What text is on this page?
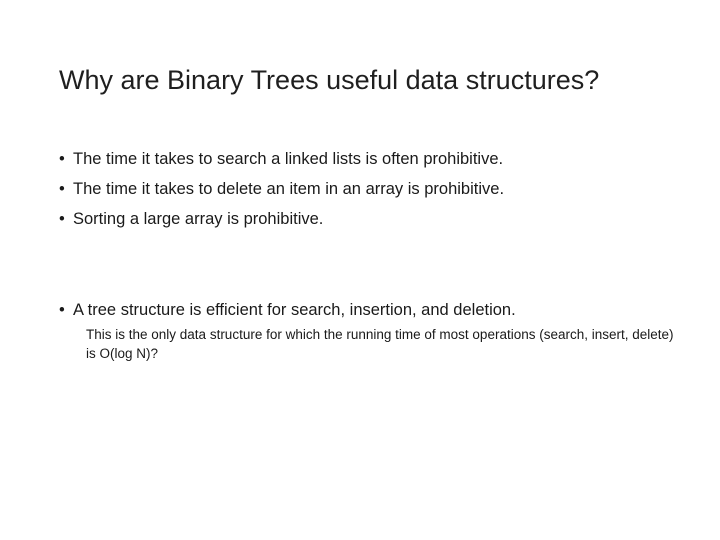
Why are Binary Trees useful data structures?
• The time it takes to search a linked lists is often prohibitive.
• The time it takes to delete an item in an array is prohibitive.
• Sorting a large array is prohibitive.
• A tree structure is efficient for search, insertion, and deletion.
This is the only data structure for which the running time of most operations (search, insert, delete) is O(log N)?
